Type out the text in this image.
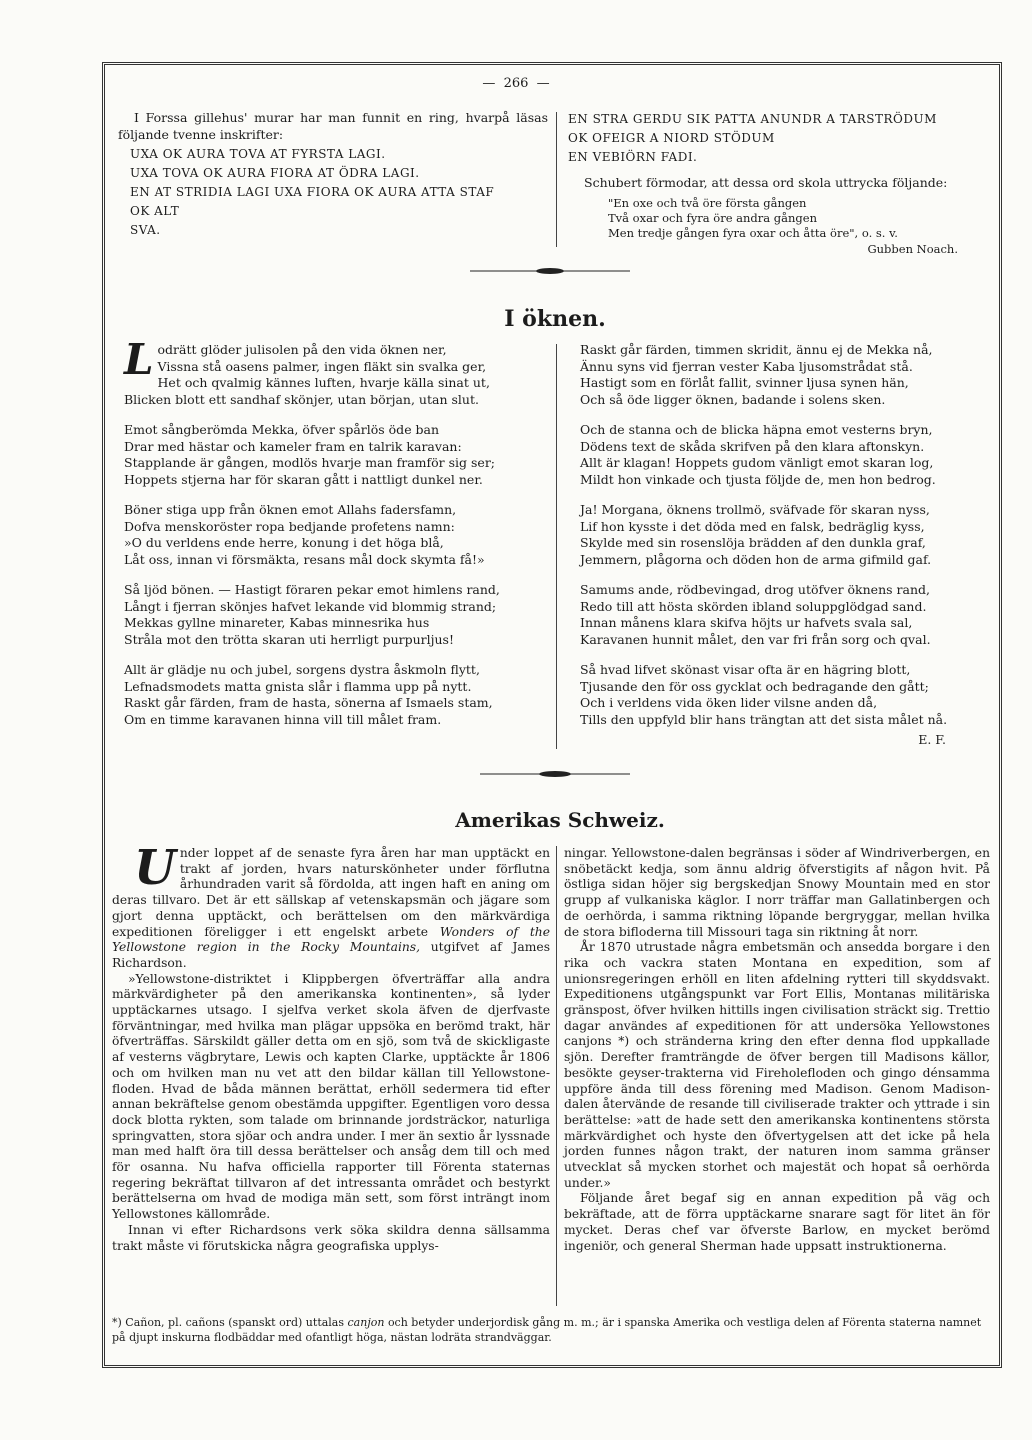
— 266 —

I Forssa gillehus' murar har man funnit en ring, hvarpå läsas följande tvenne inskrifter:

UXA OK AURA TOVA AT FYRSTA LAGI.
UXA TOVA OK AURA FIORA AT ÖDRA LAGI.
EN AT STRIDIA LAGI UXA FIORA OK AURA ATTA STAF
OK ALT
SVA.
EN STRA GERDU SIK PATTA ANUNDR A TARSTRÖDUM
OK OFEIGR A NIORD STÖDUM
EN VEBIÖRN FADI.

Schubert förmodar, att dessa ord skola uttrycka följande:

"En oxe och två öre första gången
Två oxar och fyra öre andra gången
Men tredje gången fyra oxar och åtta öre", o. s. v.

Gubben Noach.

I öknen.
L odrätt glöder julisolen på den vida öknen ner,
Vissna stå oasens palmer, ingen fläkt sin svalka ger,
Het och qvalmig kännes luften, hvarje källa sinat ut,
Blicken blott ett sandhaf skönjer, utan början, utan slut.
Emot sångberömda Mekka, öfver spårlös öde ban
Drar med hästar och kameler fram en talrik karavan:
Stapplande är gången, modlös hvarje man framför sig ser;
Hoppets stjerna har för skaran gått i nattligt dunkel ner.
Böner stiga upp från öknen emot Allahs fadersfamn,
Dofva menskoröster ropa bedjande profetens namn:
»O du verldens ende herre, konung i det höga blå,
Låt oss, innan vi försmäkta, resans mål dock skymta få!»
Så ljöd bönen. — Hastigt föraren pekar emot himlens rand,
Långt i fjerran skönjes hafvet lekande vid blommig strand;
Mekkas gyllne minareter, Kabas minnesrika hus
Stråla mot den trötta skaran uti herrligt purpurljus!
Allt är glädje nu och jubel, sorgens dystra åskmoln flytt,
Lefnadsmodets matta gnista slår i flamma upp på nytt.
Raskt går färden, fram de hasta, sönerna af Ismaels stam,
Om en timme karavanen hinna vill till målet fram.
Raskt går färden, timmen skridit, ännu ej de Mekka nå,
Ännu syns vid fjerran vester Kaba ljusomstrådat stå.
Hastigt som en förlåt fallit, svinner ljusa synen hän,
Och så öde ligger öknen, badande i solens sken.
Och de stanna och de blicka häpna emot vesterns bryn,
Dödens text de skåda skrifven på den klara aftonskyn.
Allt är klagan! Hoppets gudom vänligt emot skaran log,
Mildt hon vinkade och tjusta följde de, men hon bedrog.
Ja! Morgana, öknens trollmö, sväfvade för skaran nyss,
Lif hon kysste i det döda med en falsk, bedräglig kyss,
Skylde med sin rosenslöja brädden af den dunkla graf,
Jemmern, plågorna och döden hon de arma gifmild gaf.
Samums ande, rödbevingad, drog utöfver öknens rand,
Redo till att hösta skörden ibland soluppglödgad sand.
Innan månens klara skifva höjts ur hafvets svala sal,
Karavanen hunnit målet, den var fri från sorg och qval.
Så hvad lifvet skönast visar ofta är en hägring blott,
Tjusande den för oss gycklat och bedragande den gått;
Och i verldens vida öken lider vilsne anden då,
Tills den uppfyld blir hans trängtan att det sista målet nå.

E. F.

Amerikas Schweiz.

U nder loppet af de senaste fyra åren har man upptäckt en trakt af jorden, hvars naturskönheter under förflutna århundraden varit så fördolda, att ingen haft en aning om deras tillvaro. Det är ett sällskap af vetenskapsmän och jägare som gjort denna upptäckt, och berättelsen om den märkvärdiga expeditionen föreligger i ett engelskt arbete Wonders of the Yellowstone region in the Rocky Mountains, utgifvet af James Richardson.

»Yellowstone-distriktet i Klippbergen öfverträffar alla andra märkvärdigheter på den amerikanska kontinenten», så lyder upptäckarnes utsago. I sjelfva verket skola äfven de djerfvaste förväntningar, med hvilka man plägar uppsöka en berömd trakt, här öfverträffas. Särskildt gäller detta om en sjö, som två de skickligaste af vesterns vägbrytare, Lewis och kapten Clarke, upptäckte år 1806 och om hvilken man nu vet att den bildar källan till Yellowstone-floden. Hvad de båda männen berättat, erhöll sedermera tid efter annan bekräftelse genom obestämda uppgifter. Egentligen voro dessa dock blotta rykten, som talade om brinnande jordsträckor, naturliga springvatten, stora sjöar och andra under. I mer än sextio år lyssnade man med halft öra till dessa berättelser och ansåg dem till och med för osanna. Nu hafva officiella rapporter till Förenta staternas regering bekräftat tillvaron af det intressanta området och bestyrkt berättelserna om hvad de modiga män sett, som först inträngt inom Yellowstones källområde.

Innan vi efter Richardsons verk söka skildra denna sällsamma trakt måste vi förutskicka några geografiska upplys-

ningar. Yellowstone-dalen begränsas i söder af Windriverbergen, en snöbetäckt kedja, som ännu aldrig öfverstigits af någon hvit. På östliga sidan höjer sig bergskedjan Snowy Mountain med en stor grupp af vulkaniska käglor. I norr träffar man Gallatinbergen och de oerhörda, i samma riktning löpande bergryggar, mellan hvilka de stora bifloderna till Missouri taga sin riktning åt norr.

År 1870 utrustade några embetsmän och ansedda borgare i den rika och vackra staten Montana en expedition, som af unionsregeringen erhöll en liten afdelning rytteri till skyddsvakt. Expeditionens utgångspunkt var Fort Ellis, Montanas militäriska gränspost, öfver hvilken hittills ingen civilisation sträckt sig. Trettio dagar användes af expeditionen för att undersöka Yellowstones canjons *) och stränderna kring den efter denna flod uppkallade sjön. Derefter framträngde de öfver bergen till Madisons källor, besökte geyser-trakterna vid Fireholefloden och gingo dénsamma uppföre ända till dess förening med Madison. Genom Madison-dalen återvände de resande till civiliserade trakter och yttrade i sin berättelse: »att de hade sett den amerikanska kontinentens största märkvärdighet och hyste den öfvertygelsen att det icke på hela jorden funnes någon trakt, der naturen inom samma gränser utvecklat så mycken storhet och majestät och hopat så oerhörda under.»

Följande året begaf sig en annan expedition på väg och bekräftade, att de förra upptäckarne snarare sagt för litet än för mycket. Deras chef var öfverste Barlow, en mycket berömd ingeniör, och general Sherman hade uppsatt instruktionerna.

*) Cañon, pl. cañons (spanskt ord) uttalas canjon och betyder underjordisk gång m. m.; är i spanska Amerika och vestliga delen af Förenta staterna namnet på djupt inskurna flodbäddar med ofantligt höga, nästan lodräta strandväggar.
